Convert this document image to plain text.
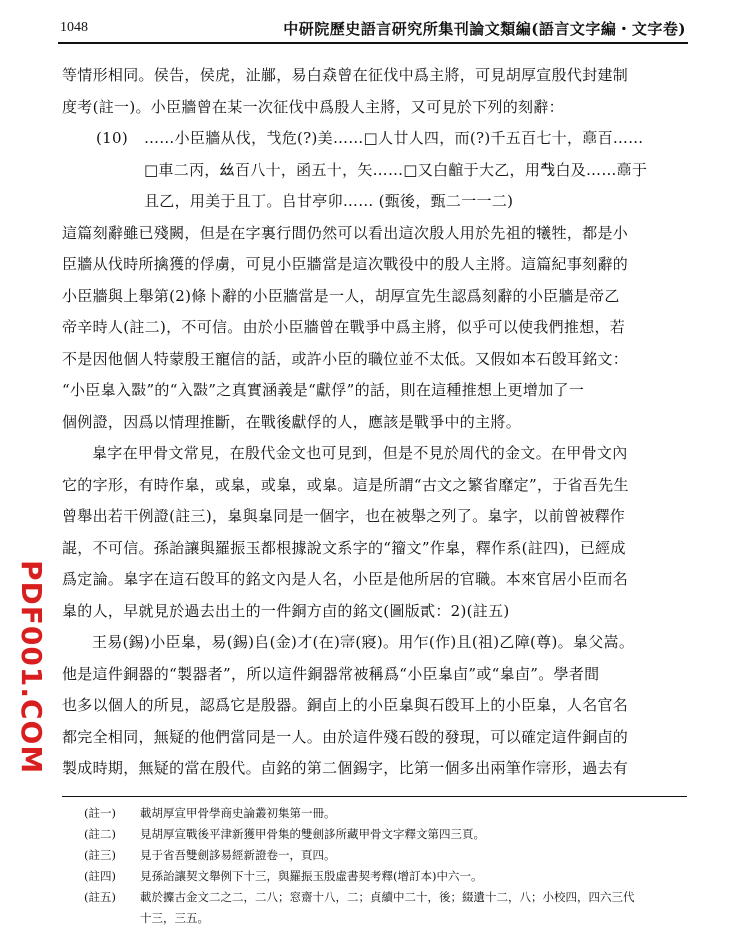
1048	中研院歷史語言研究所集刊論文類編(語言文字編・文字卷)
等情形相同。侯告，侯虎，沚䣙，易白猋曾在征伐中爲主將，可見胡厚宣殷代封建制
度考(註一)。小臣牆曾在某一次征伐中爲殷人主將，又可見於下列的刻辭：
(10) ……小臣牆从伐，𢦏危(?)美……□人廿人四，而(?)千五百七十，𩫖百……
□車二丙，𢆶百八十，函五十，矢……□又白𪘲于大乙，用𢦔白及……𩫖于
且乙，用美于且丁。𠂤甘亭卯…… (甄後，甄二一一二)
這篇刻辭雖已殘闕，但是在字裏行間仍然可以看出這次殷人用於先祖的犧牲，都是小
臣牆从伐時所擒獲的俘虜，可見小臣牆當是這次戰役中的殷人主將。這篇紀事刻辭的
小臣牆與上舉第(2)條卜辭的小臣牆當是一人，胡厚宣先生認爲刻辭的小臣牆是帝乙
帝辛時人(註二)，不可信。由於小臣牆曾在戰爭中爲主將，似乎可以使我們推想，若
不是因他個人特蒙殷王寵信的話，或許小臣的職位並不太低。又假如本石𣪘耳銘文：
“小臣𦤎入𢻪”的“入𢻪”之真實涵義是“獻俘”的話，則在這種推想上更增加了一
個例證，因爲以情理推斷，在戰後獻俘的人，應該是戰爭中的主將。
𦤎字在甲骨文常見，在殷代金文也可見到，但是不見於周代的金文。在甲骨文內
它的字形，有時作𦤎，或𦤎，或𦤎，或𦤎。這是所謂“古文之繁省靡定”，于省吾先生
曾舉出若干例證(註三)，𦤎與𦤎同是一個字，也在被舉之列了。𦤎字，以前曾被釋作
䛰，不可信。孫詒讓與羅振玉都根據說文系字的“籀文”作𦤎，釋作系(註四)，已經成
爲定論。𦤎字在這石𣪘耳的銘文內是人名，小臣是他所居的官職。本來官居小臣而名
𦤎的人，早就見於過去出土的一件銅方卣的銘文(圖版貳：2)(註五)
王易(錫)小臣𦤎，易(錫)𠂤(金)才(在)𡨦(寢)。用乍(作)且(祖)乙障(尊)。𦤎父嵩。
他是這件銅器的“製器者”，所以這件銅器常被稱爲“小臣𦤎卣”或“𦤎卣”。學者間
也多以個人的所見，認爲它是殷器。銅卣上的小臣𦤎與石𣪘耳上的小臣𦤎，人名官名
都完全相同，無疑的他們當同是一人。由於這件殘石𣪘的發現，可以確定這件銅卣的
製成時期，無疑的當在殷代。卣銘的第二個錫字，比第一個多出兩筆作𡨦形，過去有
(註一) 載胡厚宣甲骨學商史論叢初集第一冊。
(註二) 見胡厚宣戰後平津新獲甲骨集的雙劍誃所藏甲骨文字釋文第四三頁。
(註三) 見于省吾雙劍誃易經新證卷一，頁四。
(註四) 見孫詒讓契文舉例下十三，與羅振玉殷虛書契考釋(增訂本)中六一。
(註五) 載於攈古金文二之二，二八；窓齋十八，二；貞續中二十，後；綴遺十二，八；小校四，四六三代
十三，三五。
PDF001.COM
